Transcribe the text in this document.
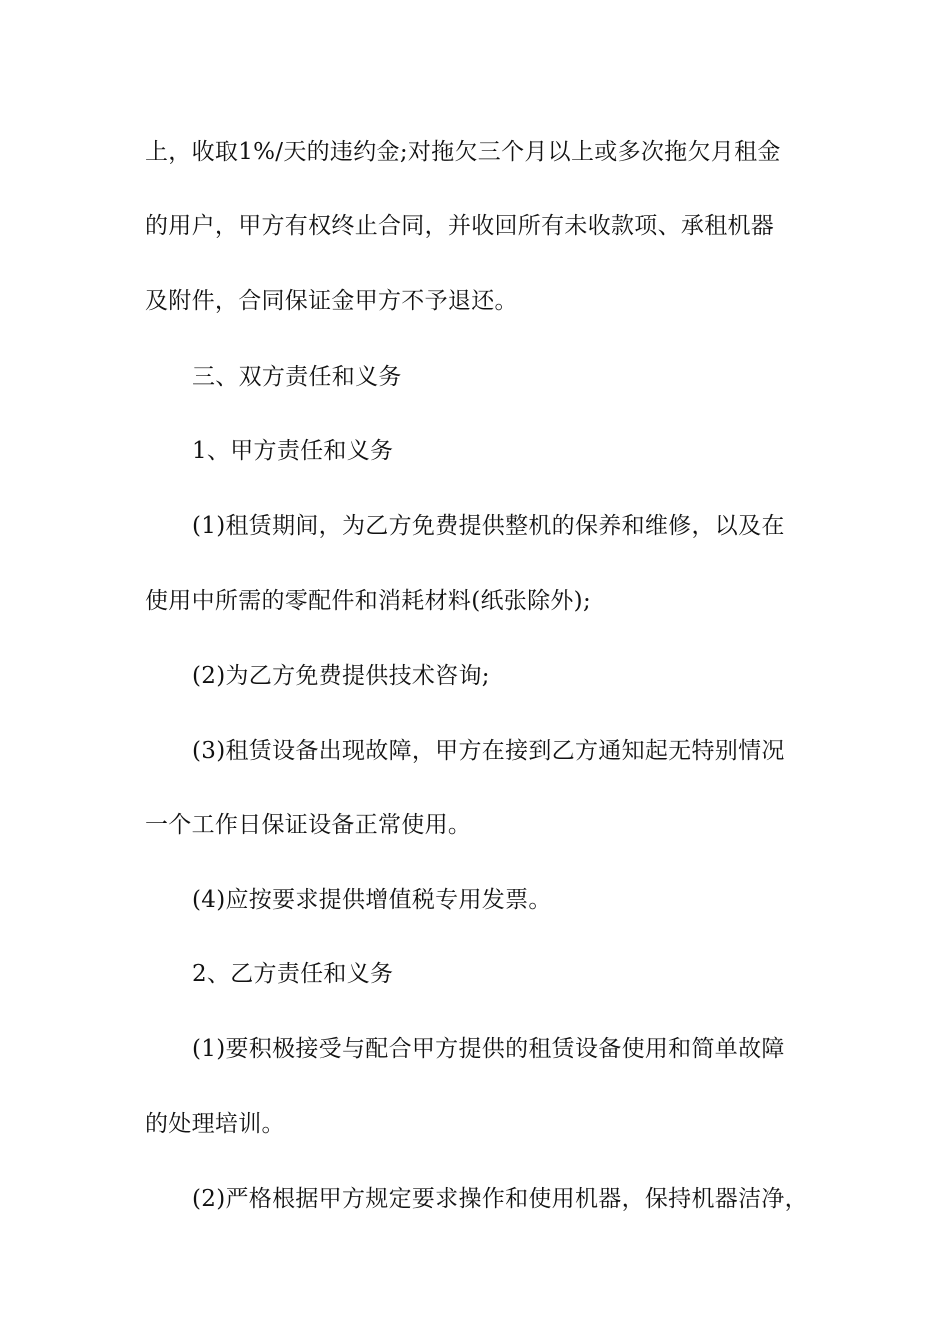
上，收取1%/天的违约金;对拖欠三个月以上或多次拖欠月租金
的用户，甲方有权终止合同，并收回所有未收款项、承租机器
及附件，合同保证金甲方不予退还。
三、双方责任和义务
1、甲方责任和义务
(1)租赁期间，为乙方免费提供整机的保养和维修，以及在
使用中所需的零配件和消耗材料(纸张除外);
(2)为乙方免费提供技术咨询;
(3)租赁设备出现故障，甲方在接到乙方通知起无特别情况
一个工作日保证设备正常使用。
(4)应按要求提供增值税专用发票。
2、乙方责任和义务
(1)要积极接受与配合甲方提供的租赁设备使用和简单故障
的处理培训。
(2)严格根据甲方规定要求操作和使用机器，保持机器洁净，
